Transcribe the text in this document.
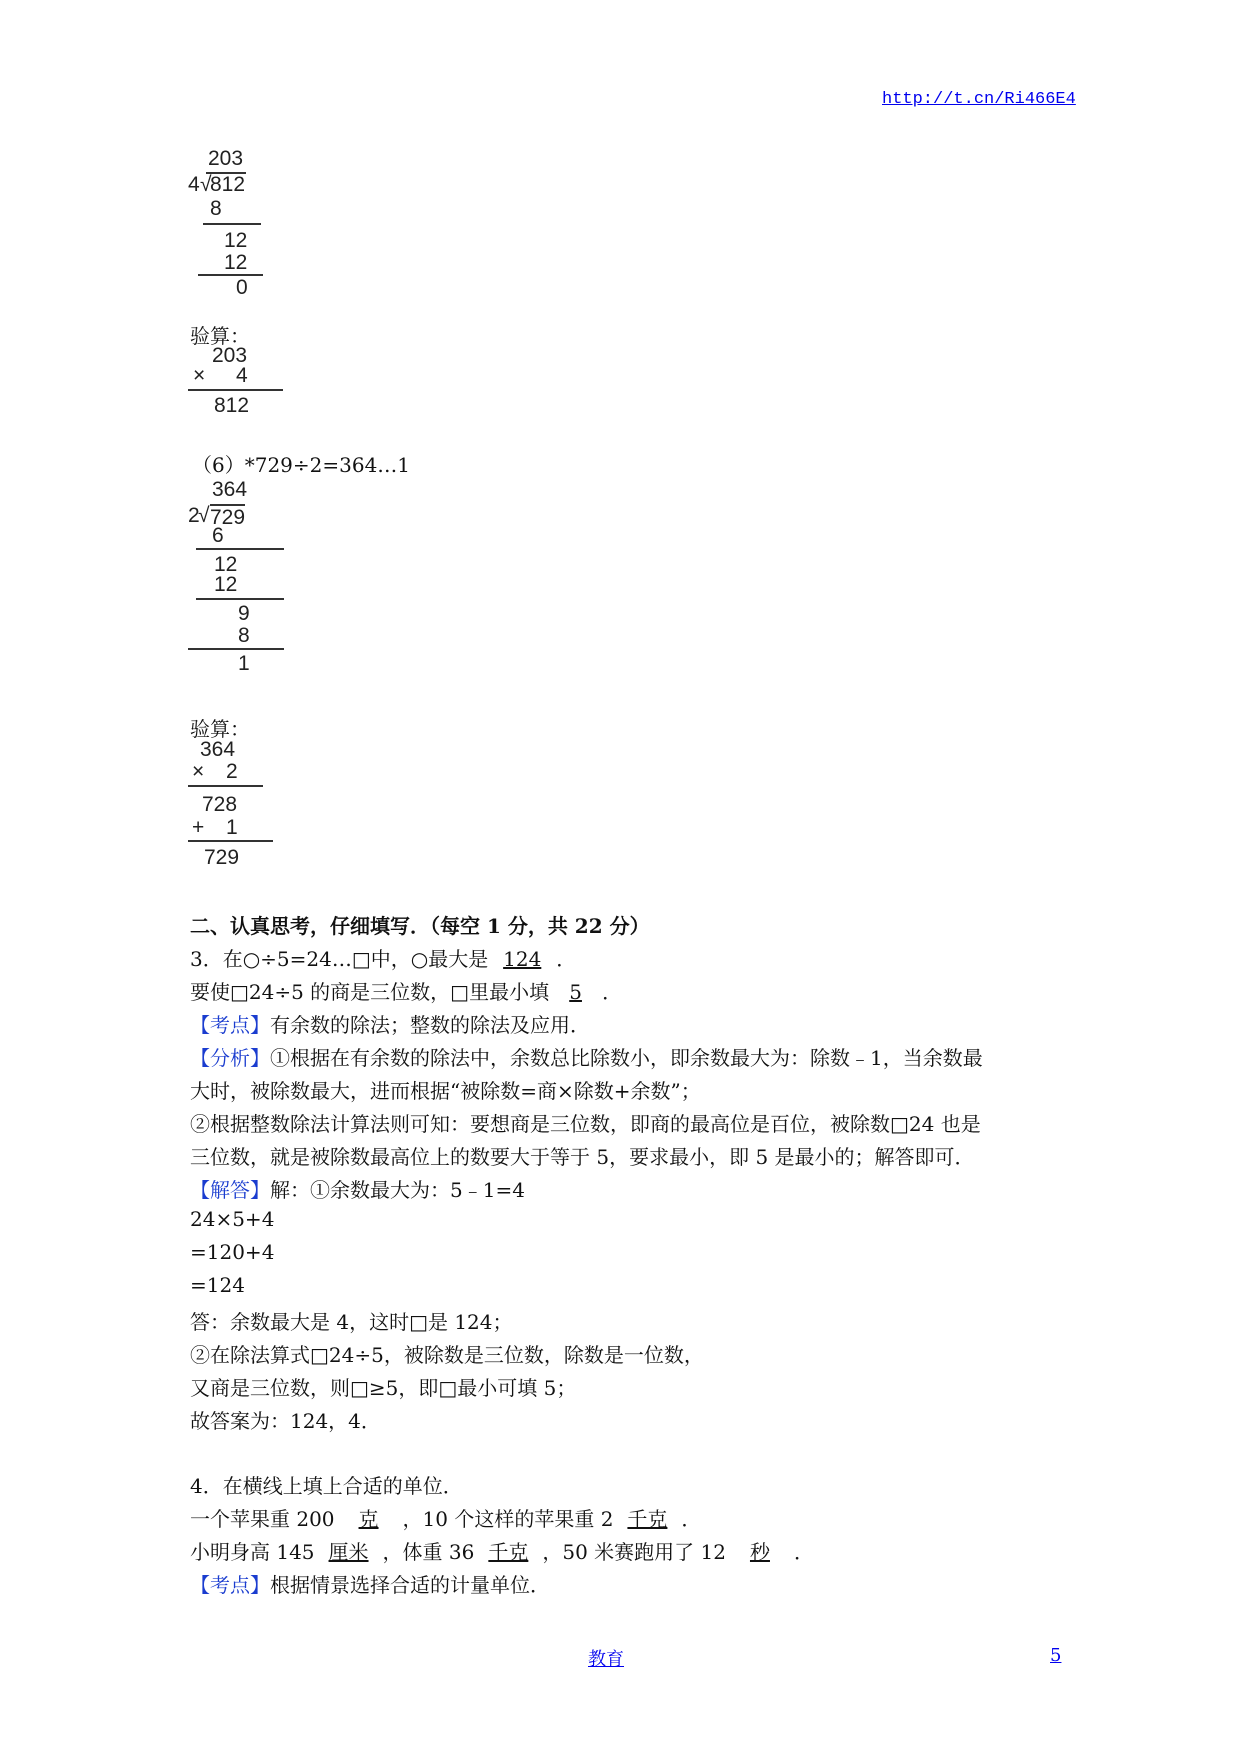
http://t.cn/Ri466E4
203
4 √
812
8
12
12
0
验算：
203
× 4
812
（6）*729÷2=364…1
364
2
√ 729
6
12
12
9
8
1
验算：
364
× 2
728
+ 1
729
二、认真思考，仔细填写．（每空 1 分，共 22 分）
3．在○÷5=24…□中，○最大是 124 ．
要使□24÷5 的商是三位数，□里最小填 5 ．
【考点】有余数的除法；整数的除法及应用．
【分析】①根据在有余数的除法中，余数总比除数小，即余数最大为：除数﹣1，当余数最
大时，被除数最大，进而根据“被除数=商×除数+余数”；
②根据整数除法计算法则可知：要想商是三位数，即商的最高位是百位，被除数□24 也是
三位数，就是被除数最高位上的数要大于等于 5，要求最小，即 5 是最小的；解答即可．
【解答】解：①余数最大为：5﹣1=4
24×5+4
=120+4
=124
答：余数最大是 4，这时□是 124；
②在除法算式□24÷5，被除数是三位数，除数是一位数，
又商是三位数，则□≥5，即□最小可填 5；
故答案为：124，4．
4．在横线上填上合适的单位．
一个苹果重 200 克 ，10 个这样的苹果重 2 千克 ．
小明身高 145 厘米 ，体重 36 千克 ，50 米赛跑用了 12 秒 ．
【考点】根据情景选择合适的计量单位．
教育	5
